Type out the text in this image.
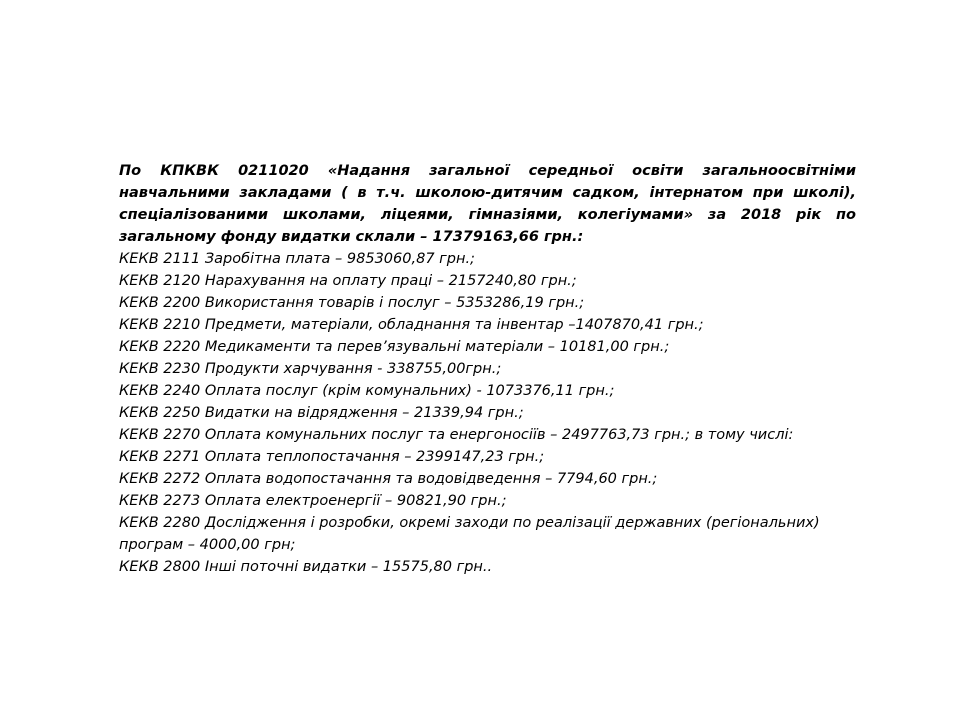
По КПКВК 0211020 «Надання загальної середньої освіти загальноосвітніми навчальними закладами ( в т.ч. школою-дитячим садком, інтернатом при школі), спеціалізованими школами, ліцеями, гімназіями, колегіумами» за 2018 рік по загальному фонду видатки склали – 17379163,66 грн.:

КЕКВ 2111 Заробітна плата – 9853060,87 грн.;
КЕКВ 2120 Нарахування на оплату праці – 2157240,80 грн.;
КЕКВ 2200 Використання товарів і послуг – 5353286,19 грн.;
КЕКВ 2210 Предмети, матеріали, обладнання та інвентар –1407870,41 грн.;
КЕКВ 2220 Медикаменти та перев’язувальні матеріали – 10181,00 грн.;
КЕКВ 2230 Продукти харчування - 338755,00грн.;
КЕКВ 2240 Оплата послуг (крім комунальних) - 1073376,11 грн.;
КЕКВ 2250 Видатки на відрядження – 21339,94 грн.;
КЕКВ 2270 Оплата комунальних послуг та енергоносіїв – 2497763,73 грн.; в тому числі:
КЕКВ 2271 Оплата теплопостачання – 2399147,23 грн.;
КЕКВ 2272 Оплата водопостачання та водовідведення – 7794,60 грн.;
КЕКВ 2273 Оплата електроенергії – 90821,90 грн.;
КЕКВ 2280 Дослідження і розробки, окремі заходи по реалізації державних (регіональних) програм – 4000,00 грн;
КЕКВ 2800 Інші поточні видатки – 15575,80 грн..
